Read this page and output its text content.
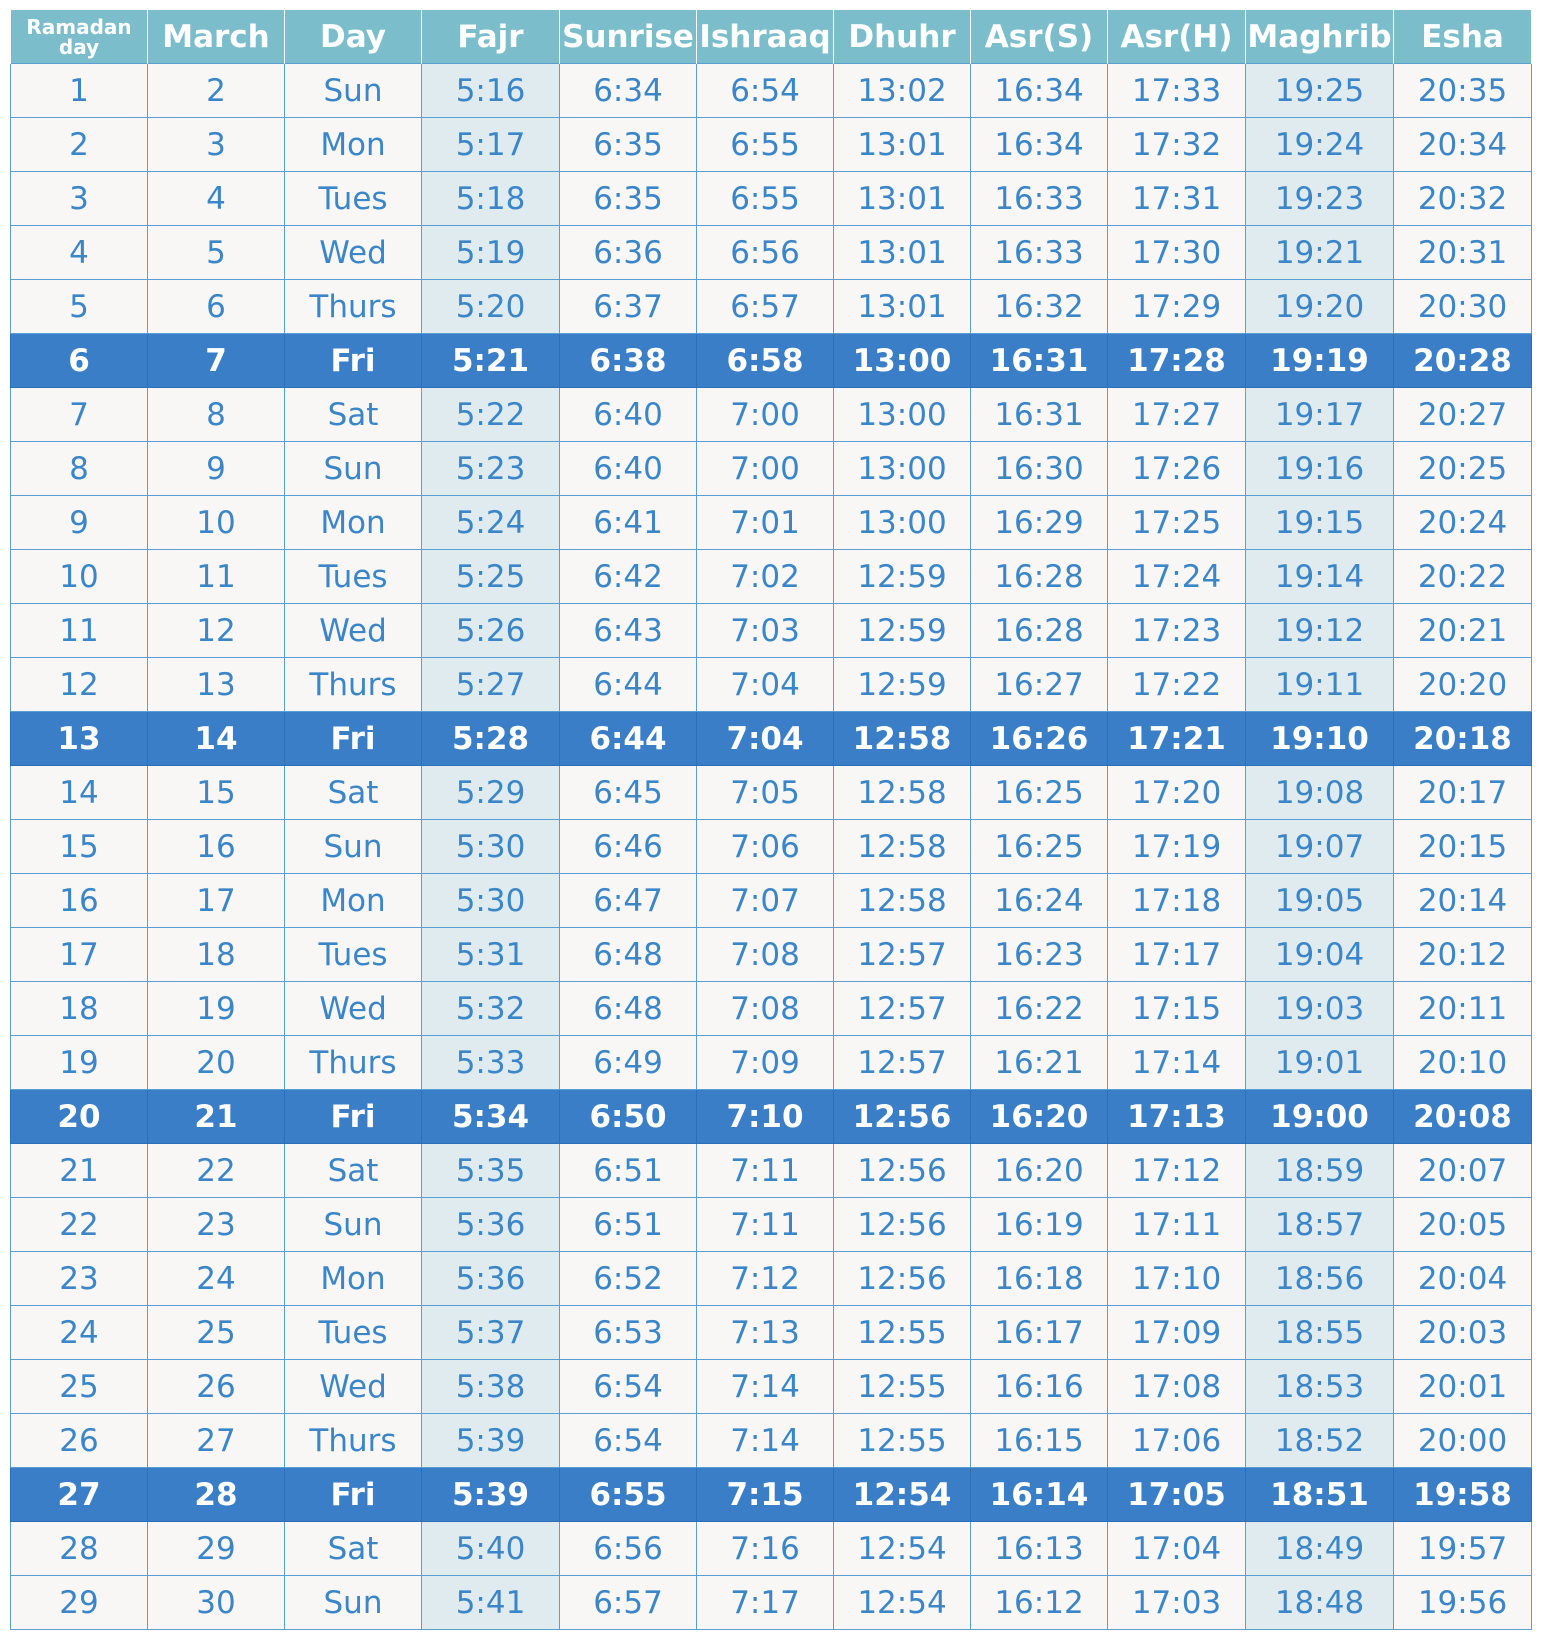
Ramadan day	March	Day	Fajr	Sunrise	Ishraaq	Dhuhr	Asr(S)	Asr(H)	Maghrib	Esha
1	2	Sun	5:16	6:34	6:54	13:02	16:34	17:33	19:25	20:35
2	3	Mon	5:17	6:35	6:55	13:01	16:34	17:32	19:24	20:34
3	4	Tues	5:18	6:35	6:55	13:01	16:33	17:31	19:23	20:32
4	5	Wed	5:19	6:36	6:56	13:01	16:33	17:30	19:21	20:31
5	6	Thurs	5:20	6:37	6:57	13:01	16:32	17:29	19:20	20:30
6	7	Fri	5:21	6:38	6:58	13:00	16:31	17:28	19:19	20:28
7	8	Sat	5:22	6:40	7:00	13:00	16:31	17:27	19:17	20:27
8	9	Sun	5:23	6:40	7:00	13:00	16:30	17:26	19:16	20:25
9	10	Mon	5:24	6:41	7:01	13:00	16:29	17:25	19:15	20:24
10	11	Tues	5:25	6:42	7:02	12:59	16:28	17:24	19:14	20:22
11	12	Wed	5:26	6:43	7:03	12:59	16:28	17:23	19:12	20:21
12	13	Thurs	5:27	6:44	7:04	12:59	16:27	17:22	19:11	20:20
13	14	Fri	5:28	6:44	7:04	12:58	16:26	17:21	19:10	20:18
14	15	Sat	5:29	6:45	7:05	12:58	16:25	17:20	19:08	20:17
15	16	Sun	5:30	6:46	7:06	12:58	16:25	17:19	19:07	20:15
16	17	Mon	5:30	6:47	7:07	12:58	16:24	17:18	19:05	20:14
17	18	Tues	5:31	6:48	7:08	12:57	16:23	17:17	19:04	20:12
18	19	Wed	5:32	6:48	7:08	12:57	16:22	17:15	19:03	20:11
19	20	Thurs	5:33	6:49	7:09	12:57	16:21	17:14	19:01	20:10
20	21	Fri	5:34	6:50	7:10	12:56	16:20	17:13	19:00	20:08
21	22	Sat	5:35	6:51	7:11	12:56	16:20	17:12	18:59	20:07
22	23	Sun	5:36	6:51	7:11	12:56	16:19	17:11	18:57	20:05
23	24	Mon	5:36	6:52	7:12	12:56	16:18	17:10	18:56	20:04
24	25	Tues	5:37	6:53	7:13	12:55	16:17	17:09	18:55	20:03
25	26	Wed	5:38	6:54	7:14	12:55	16:16	17:08	18:53	20:01
26	27	Thurs	5:39	6:54	7:14	12:55	16:15	17:06	18:52	20:00
27	28	Fri	5:39	6:55	7:15	12:54	16:14	17:05	18:51	19:58
28	29	Sat	5:40	6:56	7:16	12:54	16:13	17:04	18:49	19:57
29	30	Sun	5:41	6:57	7:17	12:54	16:12	17:03	18:48	19:56
